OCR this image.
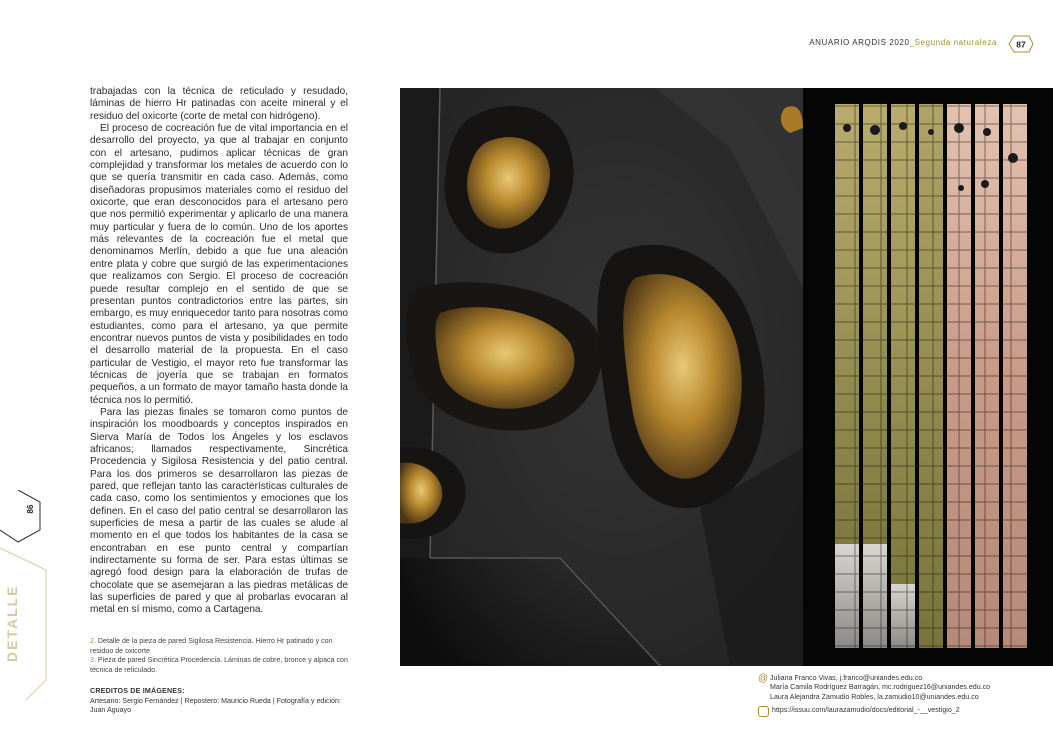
trabajadas con la técnica de reticulado y resudado, láminas de hierro Hr patinadas con aceite mineral y el residuo del oxicorte (corte de metal con hidrógeno).

El proceso de cocreación fue de vital importancia en el desarrollo del proyecto, ya que al trabajar en conjunto con el artesano, pudimos aplicar técnicas de gran complejidad y transformar los metales de acuerdo con lo que se quería transmitir en cada caso. Además, como diseñadoras propusimos materiales como el residuo del oxicorte, que eran desconocidos para el artesano pero que nos permitió experimentar y aplicarlo de una manera muy particular y fuera de lo común. Uno de los aportes más relevantes de la cocreación fue el metal que denominamos Merlín, debido a que fue una aleación entre plata y cobre que surgió de las experimentaciones que realizamos con Sergio. El proceso de cocreación puede resultar complejo en el sentido de que se presentan puntos contradictorios entre las partes, sin embargo, es muy enriquecedor tanto para nosotras como estudiantes, como para el artesano, ya que permite encontrar nuevos puntos de vista y posibilidades en todo el desarrollo material de la propuesta. En el caso particular de Vestigio, el mayor reto fue transformar las técnicas de joyería que se trabajan en formatos pequeños, a un formato de mayor tamaño hasta donde la técnica nos lo permitió.

Para las piezas finales se tomaron como puntos de inspiración los moodboards y conceptos inspirados en Sierva María de Todos los Ángeles y los esclavos africanos; llamados respectivamente, Sincrética Procedencia y Sigilosa Resistencia y del patio central. Para los dos primeros se desarrollaron las piezas de pared, que reflejan tanto las características culturales de cada caso, como los sentimientos y emociones que los definen. En el caso del patio central se desarrollaron las superficies de mesa a partir de las cuales se alude al momento en el que todos los habitantes de la casa se encontraban en ese punto central y compartían indirectamente su forma de ser. Para estas últimas se agregó food design para la elaboración de trufas de chocolate que se asemejaran a las piedras metálicas de las superficies de pared y que al probarlas evocaran al metal en sí mismo, como a Cartagena.

2. Detalle de la pieza de pared Sigilosa Resistencia. Hierro Hr patinado y con residuo de oxicorte
3. Pieza de pared Sincrética Procedencia. Láminas de cobre, bronce y alpaca con técnica de reticulado.
CREDITOS DE IMÁGENES:
Artesano: Sergio Fernández | Repostero: Mauricio Rueda | Fotografía y edición: Juan Aguayo
86
DETALLE
ANUARIO ARQDIS 2020_Segunda naturaleza 87
@ Juliana Franco Vivas, j.franco@uniandes.edu.co
María Camila Rodríguez Barragán, mc.rodriguez16@uniandes.edu.co
Laura Alejandra Zamudio Robles, la.zamudio10@uniandes.edu.co
https://issuu.com/laurazamudio/docs/editorial_-__vestigio_2
